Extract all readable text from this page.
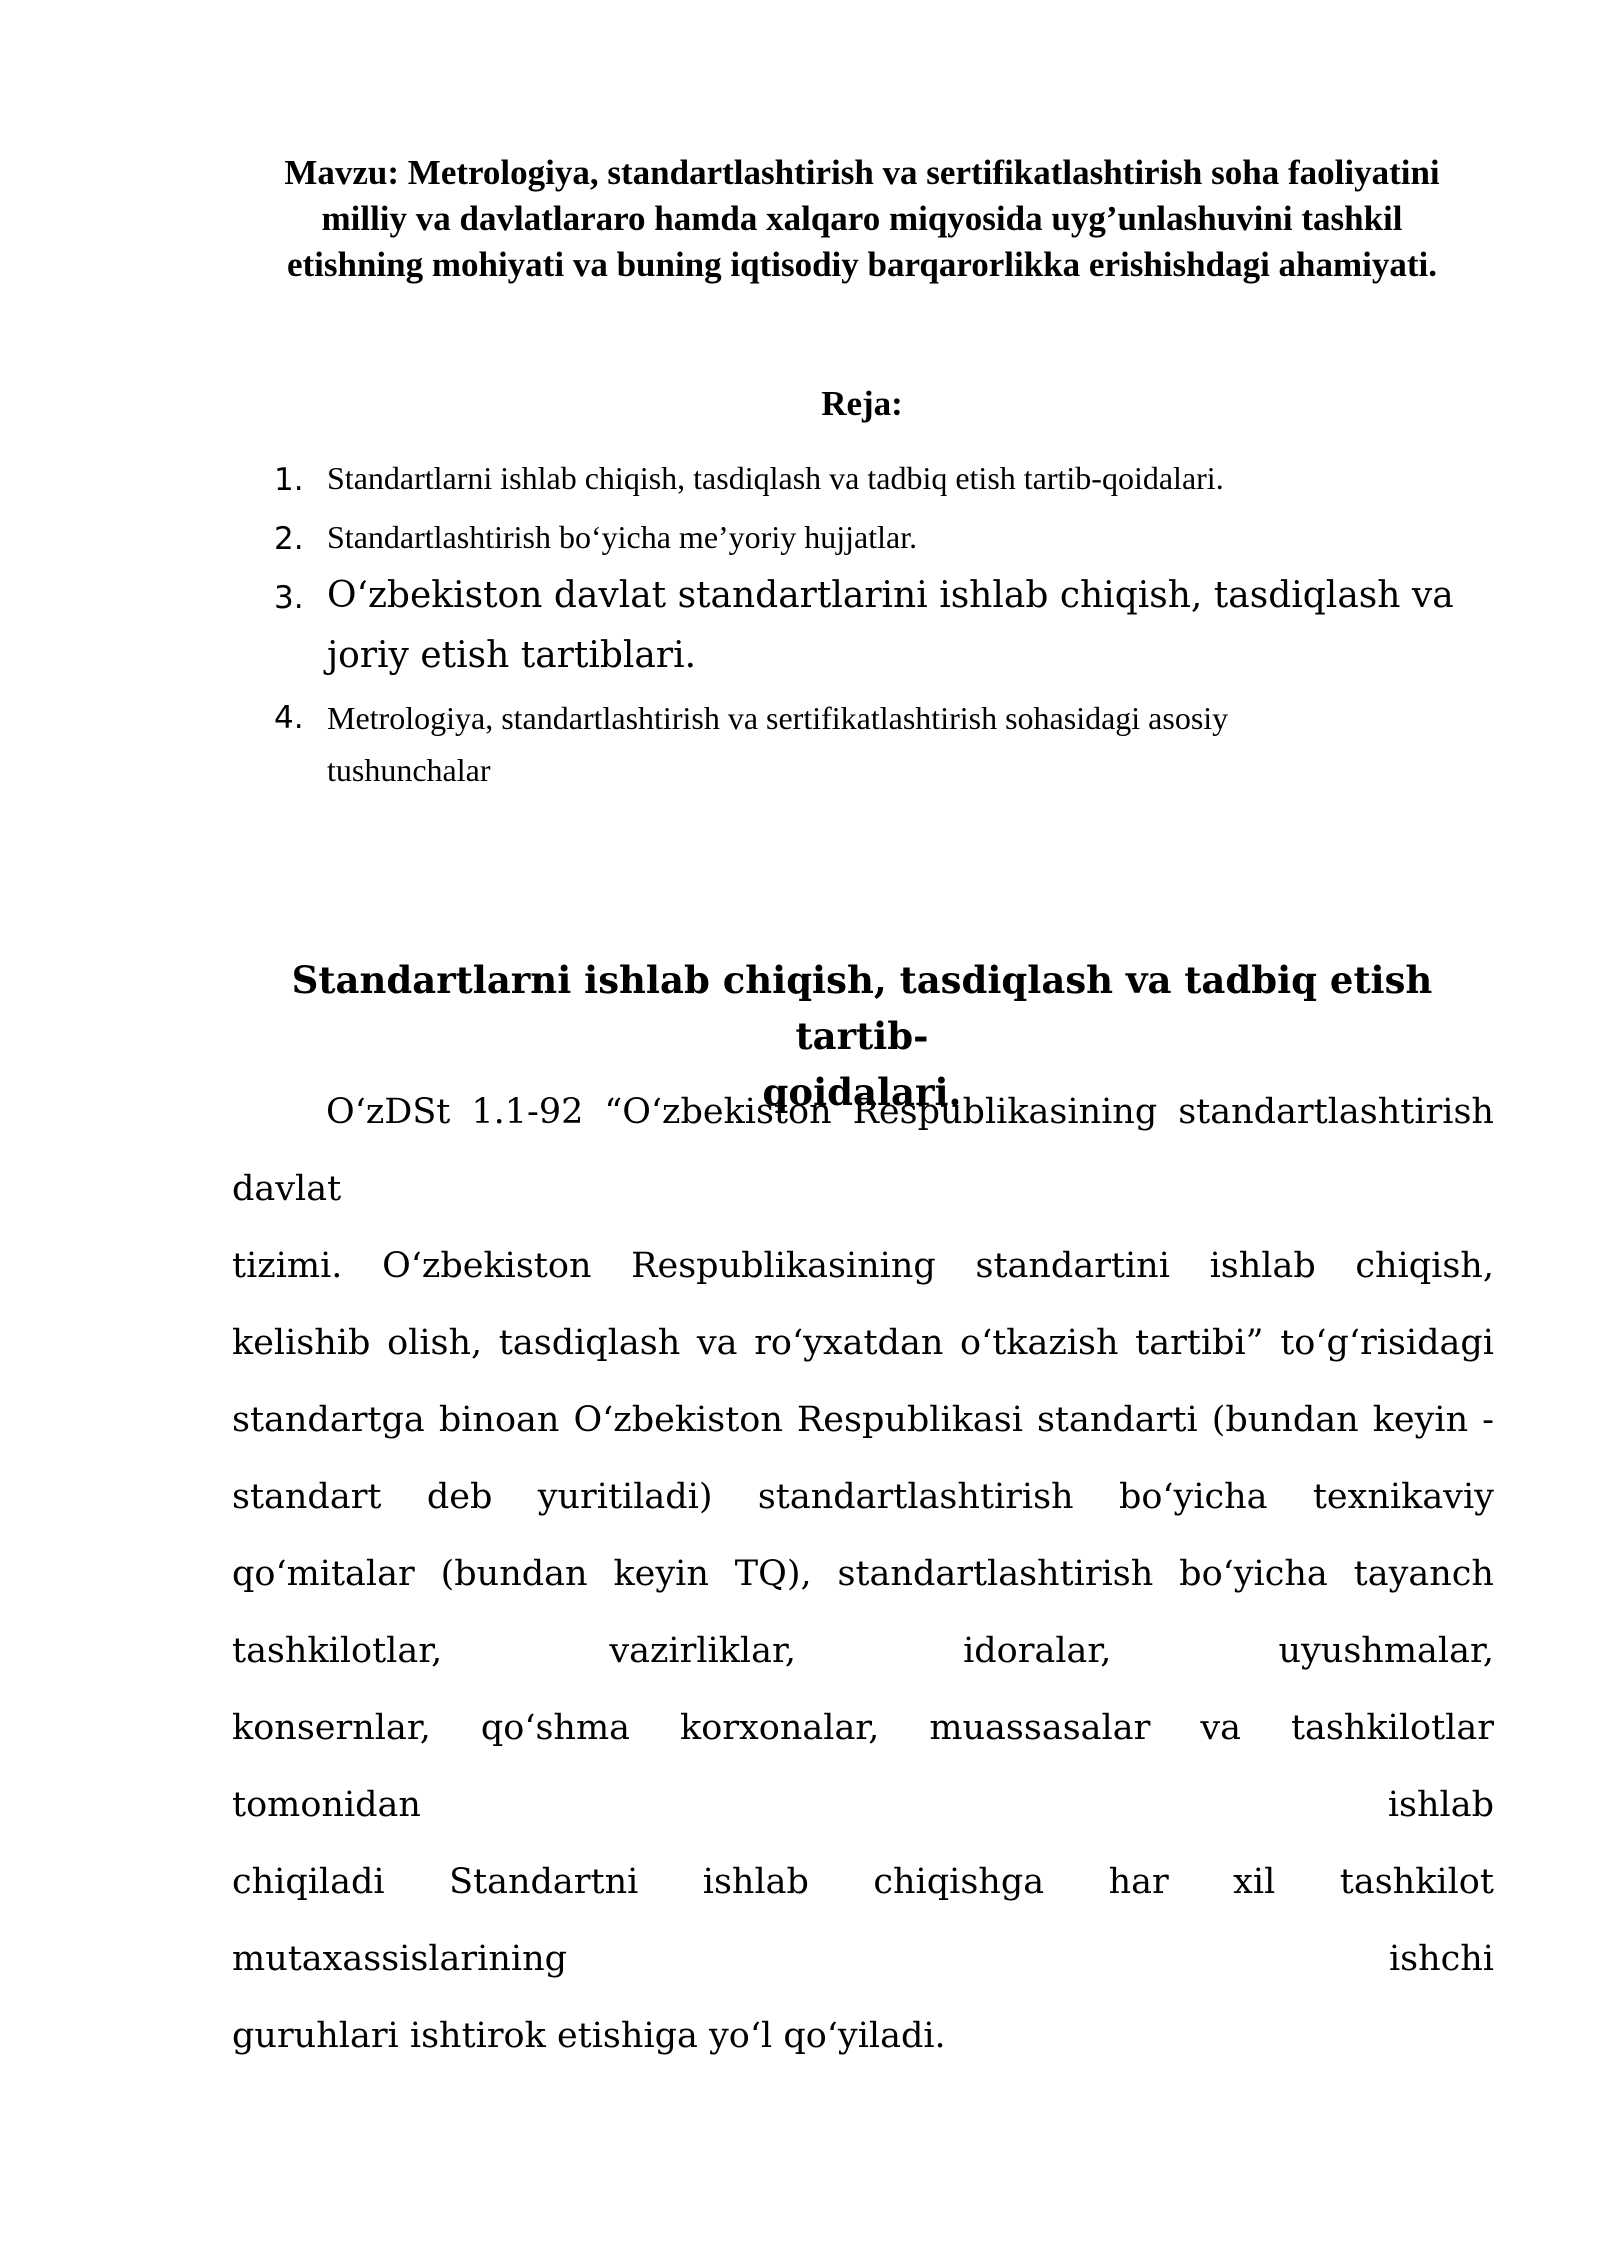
Mavzu: Metrologiya, standartlashtirish va sertifikatlashtirish soha faoliyatini
milliy va davlatlararo hamda xalqaro miqyosida uyg’unlashuvini tashkil
etishning mohiyati va buning iqtisodiy barqarorlikka erishishdagi ahamiyati.
Reja:
1. Standartlarni ishlab chiqish, tasdiqlash va tadbiq etish tartib-qoidalari.
2. Standartlashtirish bo‘yicha me’yoriy hujjatlar.
3. O‘zbekiston davlat standartlarini ishlab chiqish, tasdiqlash va
joriy etish tartiblari.
4. Metrologiya, standartlashtirish va sertifikatlashtirish sohasidagi asosiy
tushunchalar
Standartlarni ishlab chiqish, tasdiqlash va tadbiq etish tartib-
qoidalari.
O‘zDSt 1.1-92 “O‘zbekiston Respublikasining standartlashtirish
davlat
tizimi. O‘zbekiston Respublikasining standartini ishlab chiqish,
kelishib olish, tasdiqlash va ro‘yxatdan o‘tkazish tartibi” to‘g‘risidagi
standartga binoan O‘zbekiston Respublikasi standarti (bundan keyin -
standart deb yuritiladi) standartlashtirish bo‘yicha texnikaviy
qo‘mitalar (bundan keyin TQ), standartlashtirish bo‘yicha tayanch
tashkilotlar,	vazirliklar,	idoralar,	uyushmalar,
konsernlar, qo‘shma korxonalar, muassasalar va tashkilotlar
tomonidan	ishlab
chiqiladi Standartni ishlab chiqishga har xil tashkilot
mutaxassislarining	ishchi
guruhlari ishtirok etishiga yo‘l qo‘yiladi.
